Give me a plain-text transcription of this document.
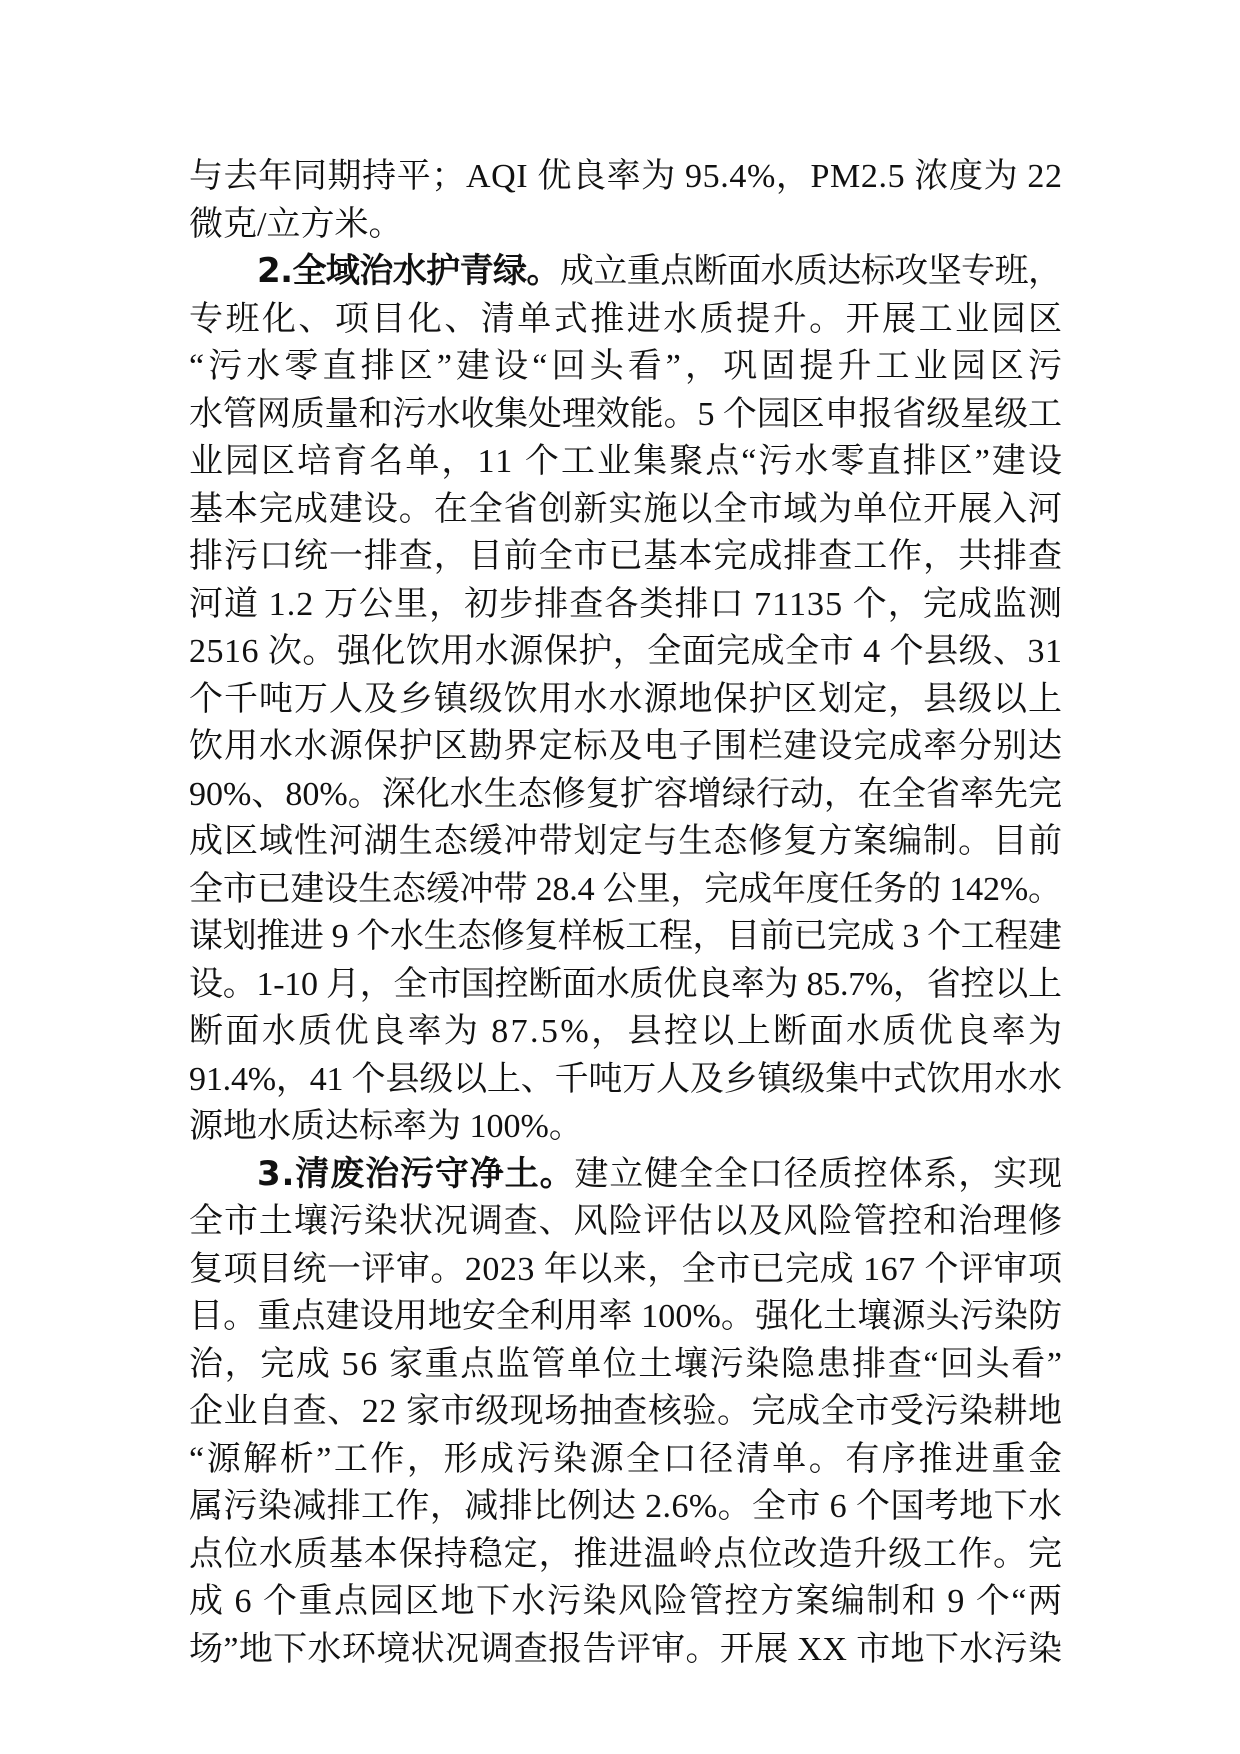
与去年同期持平；AQI 优良率为 95.4%，PM2.5 浓度为 22
微克/立方米。
2.全域治水护青绿。成立重点断面水质达标攻坚专班，
专班化、项目化、清单式推进水质提升。开展工业园区
“污水零直排区”建设“回头看”，巩固提升工业园区污
水管网质量和污水收集处理效能。5 个园区申报省级星级工
业园区培育名单，11 个工业集聚点“污水零直排区”建设
基本完成建设。在全省创新实施以全市域为单位开展入河
排污口统一排查，目前全市已基本完成排查工作，共排查
河道 1.2 万公里，初步排查各类排口 71135 个，完成监测
2516 次。强化饮用水源保护，全面完成全市 4 个县级、31
个千吨万人及乡镇级饮用水水源地保护区划定，县级以上
饮用水水源保护区勘界定标及电子围栏建设完成率分别达
90%、80%。深化水生态修复扩容增绿行动，在全省率先完
成区域性河湖生态缓冲带划定与生态修复方案编制。目前
全市已建设生态缓冲带 28.4 公里，完成年度任务的 142%。
谋划推进 9 个水生态修复样板工程，目前已完成 3 个工程建
设。1-10 月，全市国控断面水质优良率为 85.7%，省控以上
断面水质优良率为 87.5%，县控以上断面水质优良率为
91.4%，41 个县级以上、千吨万人及乡镇级集中式饮用水水
源地水质达标率为 100%。
3.清废治污守净土。建立健全全口径质控体系，实现
全市土壤污染状况调查、风险评估以及风险管控和治理修
复项目统一评审。2023 年以来，全市已完成 167 个评审项
目。重点建设用地安全利用率 100%。强化土壤源头污染防
治，完成 56 家重点监管单位土壤污染隐患排查“回头看”
企业自查、22 家市级现场抽查核验。完成全市受污染耕地
“源解析”工作，形成污染源全口径清单。有序推进重金
属污染减排工作，减排比例达 2.6%。全市 6 个国考地下水
点位水质基本保持稳定，推进温岭点位改造升级工作。完
成 6 个重点园区地下水污染风险管控方案编制和 9 个“两
场”地下水环境状况调查报告评审。开展 XX 市地下水污染
